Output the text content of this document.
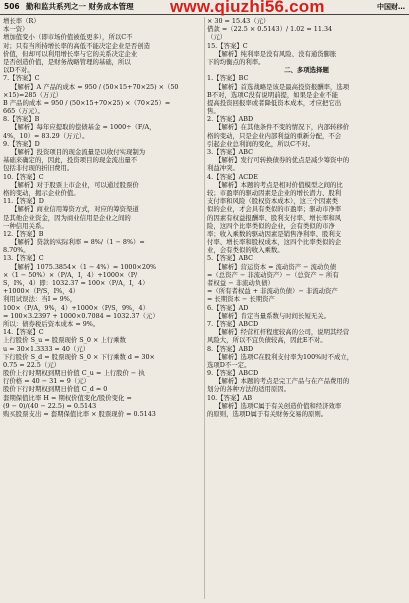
506 勤和监共系列之一 财务成本管理 www.qiuzhi56.com	中国财…
增长率（R）
本一资）
增加值变小（即市场价值被低更多），所以C不
对；只有当所持增长率的高低不能决定企业是否创造
价值，但却可以利用增长率与它的关系决定企业
是否创造价值，是财务战略管理的基础，所以
以D不对。
7.【答案】C
【解析】A 产品的成本 = 950 / (50×15+70×25) ×（50
×15)=285（万元）
B 产品的成本 = 950 / (50×15+70×25) ×（70×25）=
665（万元）。
8.【答案】B
【解析】每年应提取的偿债基金 = 1000÷（F/A，
4%，10）= 83.29（万元）。
9.【答案】D
【解析】投资项目的现金流量是以收付实现制为
基础来确定的，因此，投资项目的现金流出量不
包括非付现的折旧费用。
10.【答案】C
【解析】对于股票上市企业，可以通过股票价
格的变动，揭示企业价值。
11.【答案】D
【解析】商业信用筹资方式，对应的筹资渠道
是其他企业资金，因为商业信用是企业之间的
一种信用关系。
12.【答案】B
【解析】贷款的实际利率 = 8%/（1 − 8%）=
8.70%。
13.【答案】C
【解析】1075.3854×（1 − 4%）= 1000×20%
×（1 − 50%）×（P/A，I，4）+1000×（P/
S，I%，4）即：1032.37 = 100×（P/A，I，4）
+1000×（P/S，I%，4）
利用试误法：当I = 9%，
100×（P/A，9%，4）+1000×（P/S，9%，4）
= 100×3.2397 + 1000×0.7084 = 1032.37（元）
所以：债券税后资本成本 = 9%。
14.【答案】C
上行股价 S_u = 股票现价 S_0 × 上行乘数
u = 30×1.3333 = 40（元）
下行股价 S_d = 股票现价 S_0 × 下行乘数 d = 30×
0.75 = 22.5（元）
股价上行时期权到期日价值 C_u = 上行股价 − 执
行价格 = 40 − 31 = 9（元）
股价下行时期权到期日价值 C_d = 0
套期保值比率 H = 期权价值变化/股价变化 =
(9 − 0)/(40 − 22.5) = 0.5143
购买股票支出 = 套期保值比率 × 股票现价 = 0.5143
× 30 = 15.43（元）
借款 =（22.5 × 0.5143）/ 1.02 = 11.34
（元）
15.【答案】C
【解析】纯利率是没有风险、没有通货膨胀
下的均衡点的利率。
二、多项选择题
1.【答案】BC
【解析】首选战略是该是最高投资报酬率，选项
B不对，选项C没有说明前提，如果是企业不能
提高投资回报率或者降低资本成本，才应把它出
售。
2.【答案】ABD
【解析】在其他条件不变的情况下，内部转移价
格的变动，只是企业内部利益的重新分配，不会
引起企业总利润的变化，所以C不对。
3.【答案】ABC
【解析】发行可转换债券的优点是减少筹资中的
利益冲突。
4.【答案】ACDE
【解析】本题的考点是相对价值模型之间的比
较；市盈率的驱动因素是企业的增长潜力、股利
支付率和风险（股权资本成本），这三个因素类
似的企业，才会具有类似的市盈率；驱动市净率
的因素有权益报酬率、股利支付率、增长率和风
险，这四个比率类似的企业，会有类似的市净
率；收入乘数的驱动因素是销售净利率、股利支
付率、增长率和股权成本，这四个比率类似的企
业，会有类似的收入乘数。
5.【答案】ABC
【解析】营运资本 = 流动资产 − 流动负债
=（总资产 − 非流动资产）−（总资产 − 所有
者权益 − 非流动负债）
=（所有者权益 + 非流动负债）− 非流动资产
= 长期资本 − 长期资产
6.【答案】AD
【解析】肯定当量系数与时间长短无关。
7.【答案】ABCD
【解析】经营杠杆程度较高的公司，说明其经营
风险大，所以不宜负债较高，因此E不对。
8.【答案】ABD
【解析】选项C在股利支付率为100%时不成立，
选项D不一定。
9.【答案】ABCD
【解析】本题的考点是完工产品与在产品费用的
划分的各种方法的适用原因。
10.【答案】AB
【解析】选项C属于有关创造价值和经济效率
的原则，选项D属于有关财务交易的原则。
